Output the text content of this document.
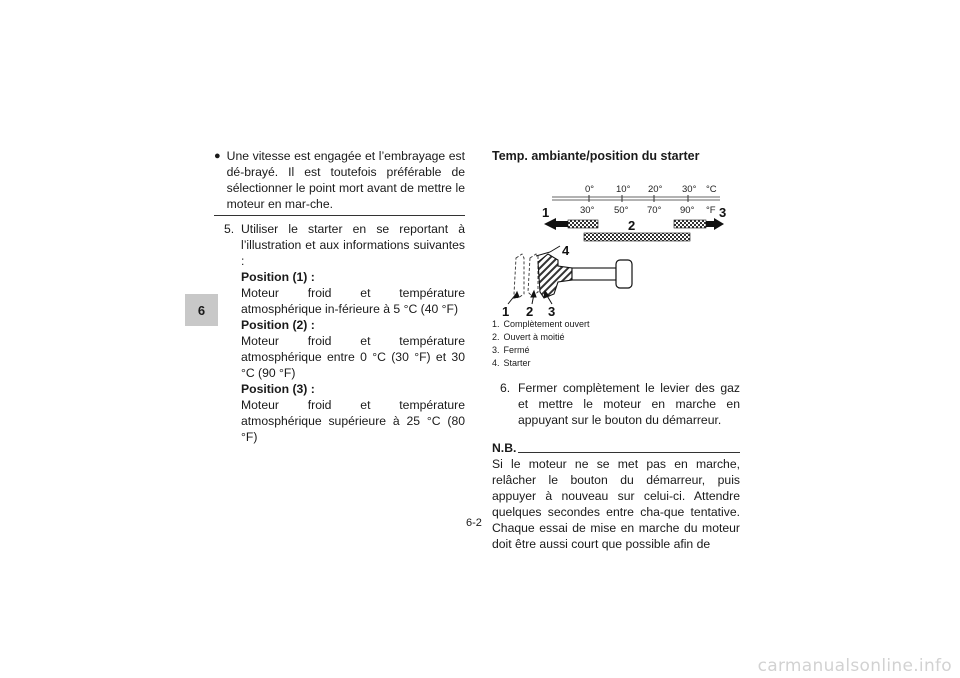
6
● Une vitesse est engagée et l’embrayage est dé-brayé. Il est toutefois préférable de sélectionner le point mort avant de mettre le moteur en mar-che.

5. Utiliser le starter en se reportant à l’illustration et aux informations suivantes :

Position (1) :

Moteur froid et température atmosphérique in-férieure à 5 °C (40 °F)

Position (2) :

Moteur froid et température atmosphérique entre 0 °C (30 °F) et 30 °C (90 °F)

Position (3) :

Moteur froid et température atmosphérique supérieure à 25 °C (80 °F)

Temp. ambiante/position du starter
0° 10° 20° 30° °C
30° 50° 70° 90° °F
1
2
3
4
1 2 3
1. Complètement ouvert
2. Ouvert à moitié
3. Fermé
4. Starter
6. Fermer complètement le levier des gaz et mettre le moteur en marche en appuyant sur le bouton du démarreur.

N.B.

Si le moteur ne se met pas en marche, relâcher le bouton du démarreur, puis appuyer à nouveau sur celui-ci. Attendre quelques secondes entre cha-que tentative. Chaque essai de mise en marche du moteur doit être aussi court que possible afin de

6-2
carmanualsonline.info
